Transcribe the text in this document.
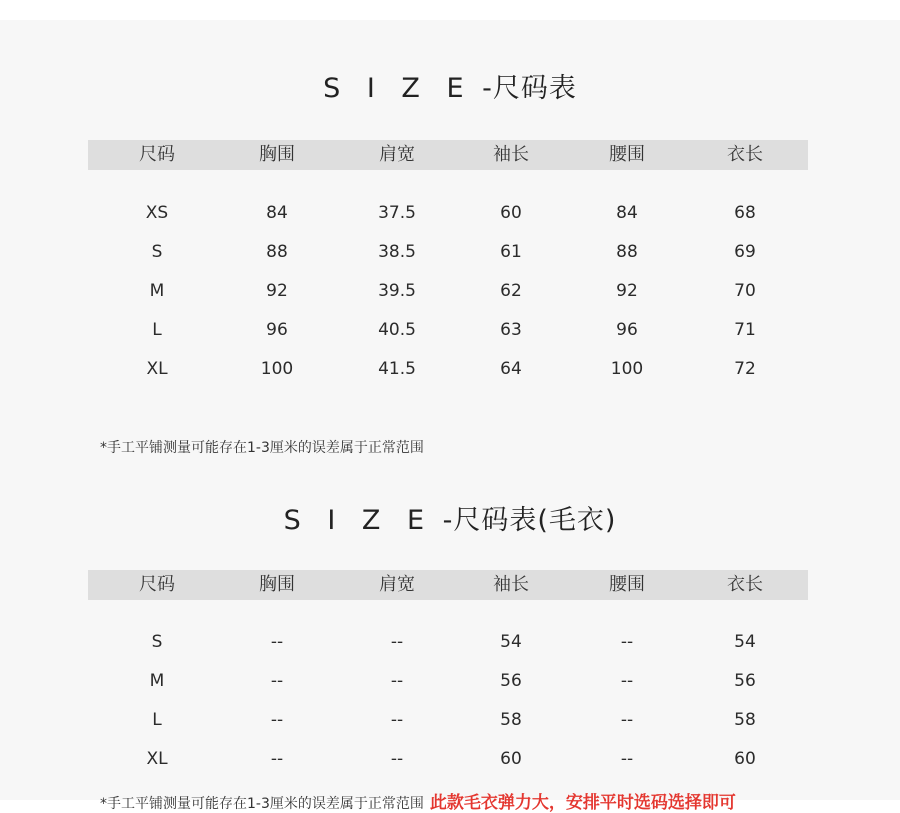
S I Z E -尺码表
尺码	胸围	肩宽	袖长	腰围	衣长
XS	84	37.5	60	84	68
S	88	38.5	61	88	69
M	92	39.5	62	92	70
L	96	40.5	63	96	71
XL	100	41.5	64	100	72
*手工平铺测量可能存在1-3厘米的误差属于正常范围
S I Z E -尺码表(毛衣)
尺码	胸围	肩宽	袖长	腰围	衣长
S	--	--	54	--	54
M	--	--	56	--	56
L	--	--	58	--	58
XL	--	--	60	--	60
*手工平铺测量可能存在1-3厘米的误差属于正常范围 此款毛衣弹力大，安排平时选码选择即可
